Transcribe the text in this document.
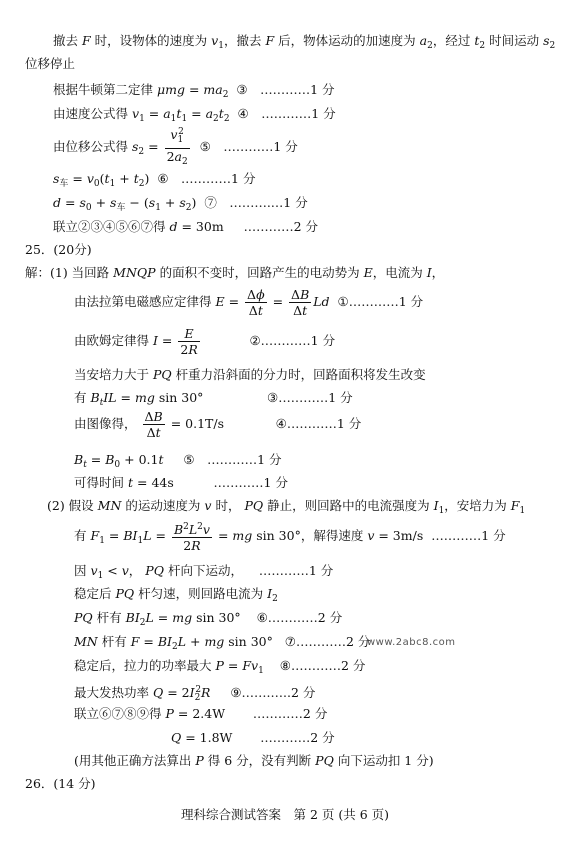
撤去 F 时，设物体的速度为 $v_1$，撤去 F 后，物体运动的加速度为 $a_2$，经过 $t_2$ 时间运动 $s_2$
位移停止
根据牛顿第二定律 $\mu mg = ma_2$ ③　…………1 分
由速度公式得 $v_1 = a_1t_1 = a_2t_2$ ④　…………1 分
由位移公式得 $s_2 = \frac{v_1^2}{2a_2}$ ⑤　…………1 分
$s_车 = v_0(t_1 + t_2)$  ⑥　…………1 分
$d = s_0 + s_车 - (s_1 + s_2)$  ⑦　……….…1 分
联立②③④⑤⑥⑦得 d = 30m     …………2 分
25．(20分)
解：(1) 当回路 MNQP 的面积不变时，回路产生的电动势为 E，电流为 I，
由法拉第电磁感应定律得 $E = \frac{\Delta\phi}{\Delta t} = \frac{\Delta B}{\Delta t}$ Ld ①…………1 分
由欧姆定律得 $I = \frac{E}{2R}$	②…………1 分
当安培力大于 PQ 杆重力沿斜面的分力时，回路面积将发生改变
有 $B_tIL$ = mg sin 30°                ③…………1 分
由图像得， $\frac{\Delta B}{\Delta t} = 0.1T/s$             ④…………1 分
$B_t = B_0 + 0.1t$ ⑤　…………1 分
可得时间 t = 44s          …………1 分
(2) 假设 MN 的运动速度为 v 时， PQ 静止，则回路中的电流强度为 $I_1$，安培力为 $F_1$
有 $F_1 = BI_1L = \frac{B^2L^2v}{2R}$ = mg sin 30°，解得速度 v = 3m/s  …………1 分
因 $v_1 < v$， PQ 杆向下运动， …………1 分
稳定后 PQ 杆匀速，则回路电流为 $I_2$
PQ 杆有 $BI_2L$ = mg sin 30°    ⑥…………2 分
MN 杆有 $F = BI_2L$ + mg sin 30°   ⑦…………2 分
www.2abc8.com
稳定后，拉力的功率最大 $P = Fv_1$ ⑧…………2 分
最大发热功率 $Q = 2I_2^2R$ ⑨…….…..2 分
联立⑥⑦⑧⑨得 P = 2.4W       …………2 分
Q = 1.8W       …………2 分
(用其他正确方法算出 P 得 6 分，没有判断 PQ 向下运动扣 1 分)
26．(14 分)
理科综合测试答案　第 2 页 (共 6 页)
